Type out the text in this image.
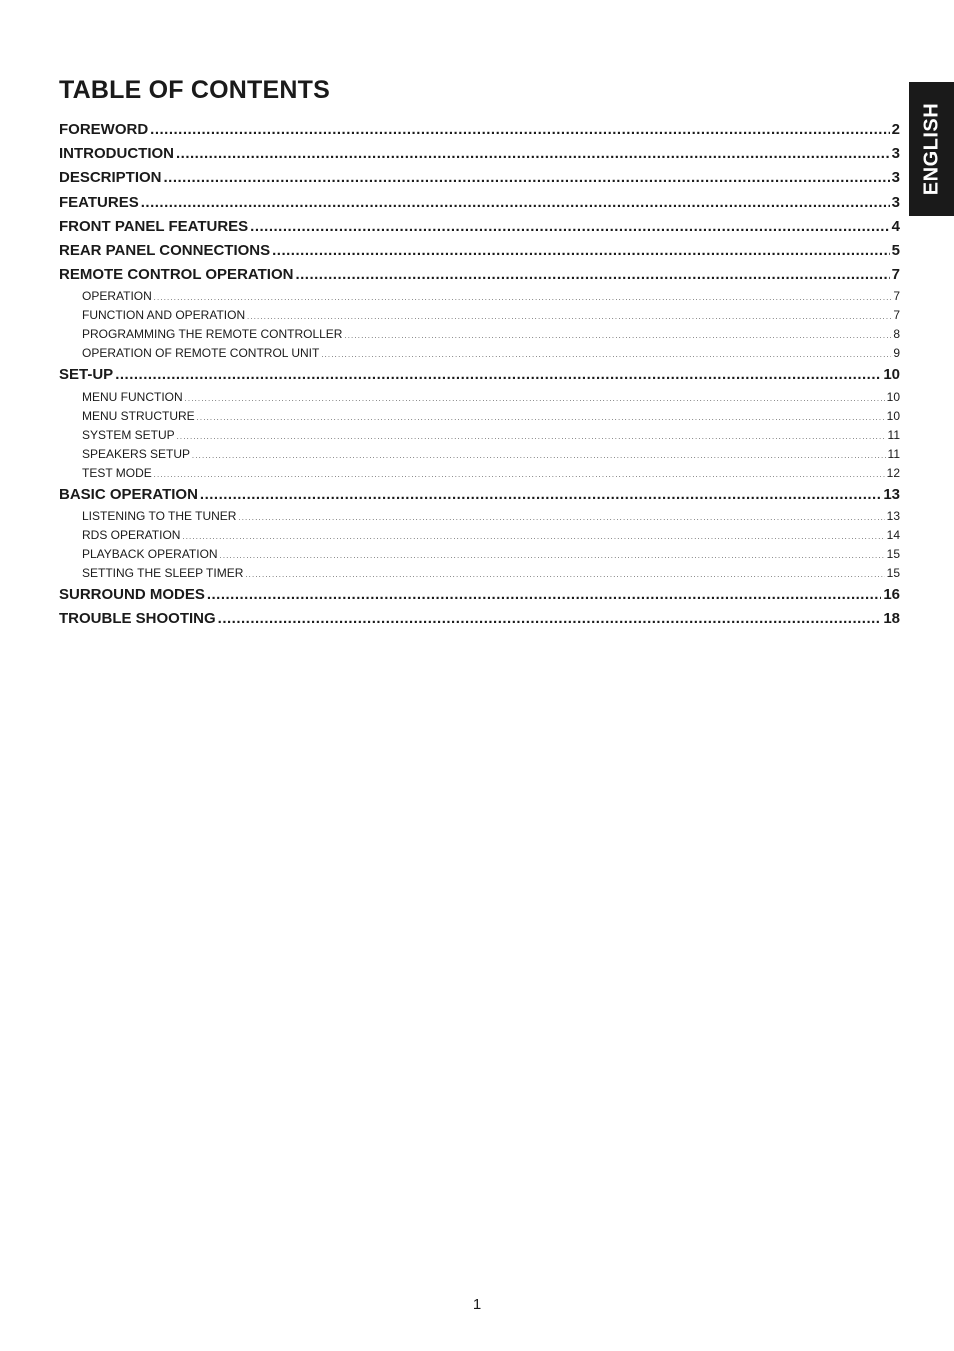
TABLE OF CONTENTS
ENGLISH
FOREWORD .....	2
INTRODUCTION .....	3
DESCRIPTION .....	3
FEATURES .....	3
FRONT PANEL FEATURES .....	4
REAR PANEL CONNECTIONS .....	5
REMOTE CONTROL OPERATION .....	7
OPERATION .....	7
FUNCTION AND OPERATION .....	7
PROGRAMMING THE REMOTE CONTROLLER .....	8
OPERATION OF REMOTE CONTROL UNIT .....	9
SET-UP .....	10
MENU FUNCTION .....	10
MENU STRUCTURE .....	10
SYSTEM SETUP .....	11
SPEAKERS SETUP .....	11
TEST MODE .....	12
BASIC OPERATION .....	13
LISTENING TO THE TUNER .....	13
RDS OPERATION .....	14
PLAYBACK OPERATION .....	15
SETTING THE SLEEP TIMER .....	15
SURROUND MODES .....	16
TROUBLE SHOOTING .....	18
1
